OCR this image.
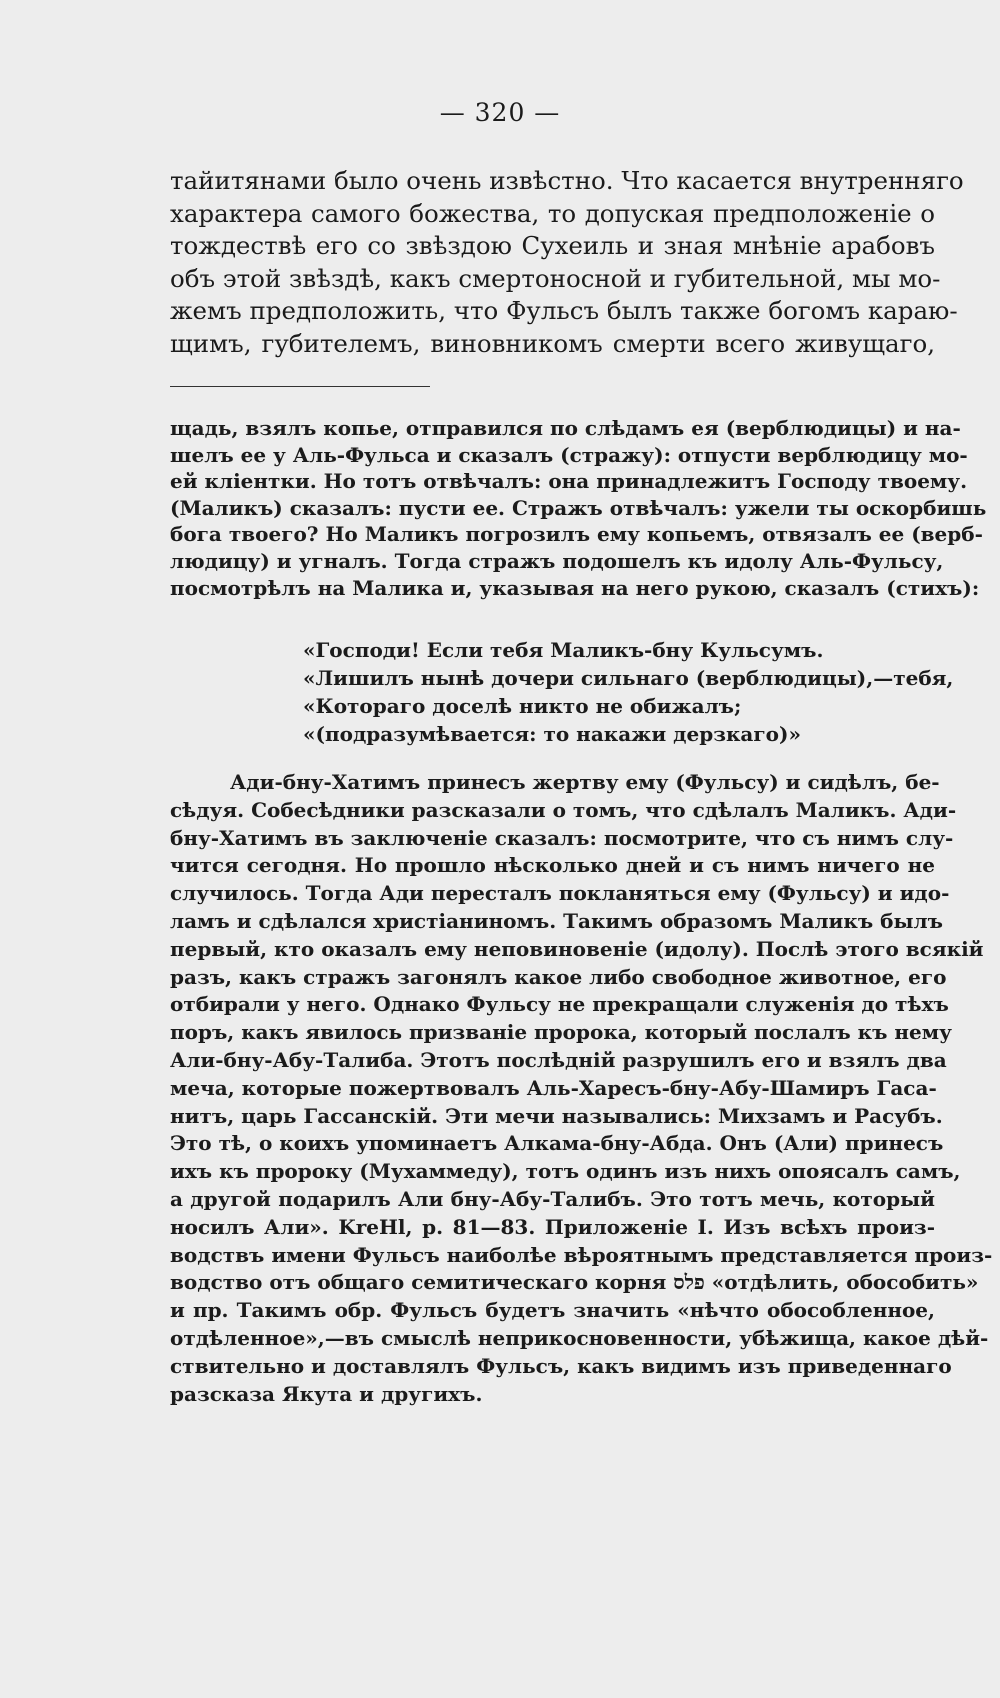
— 320 —

тайитянами было очень извѣстно. Что касается внутренняго
характера самого божества, то допуская предположенiе о
тождествѣ его со звѣздою Сухеиль и зная мнѣнiе арабовъ
объ этой звѣздѣ, какъ смертоносной и губительной, мы мо-
жемъ предположить, что Фульсъ былъ также богомъ караю-
щимъ, губителемъ, виновникомъ смерти всего живущаго,

щадь, взялъ копье, отправился по слѣдамъ ея (верблюдицы) и на-
шелъ ее у Аль-Фульса и сказалъ (стражу): отпусти верблюдицу мо-
ей клiентки. Но тотъ отвѣчалъ: она принадлежитъ Господу твоему.
(Маликъ) сказалъ: пусти ее. Стражъ отвѣчалъ: ужели ты оскорбишь
бога твоего? Но Маликъ погрозилъ ему копьемъ, отвязалъ ее (верб-
людицу) и угналъ. Тогда стражъ подошелъ къ идолу Аль-Фульсу,
посмотрѣлъ на Малика и, указывая на него рукою, сказалъ (стихъ):

«Господи! Если тебя Маликъ-бну Кульсумъ.
«Лишилъ нынѣ дочери сильнаго (верблюдицы),—тебя,
«Котораго доселѣ никто не обижалъ;
«(подразумѣвается: то накажи дерзкаго)»

Ади-бну-Хатимъ принесъ жертву ему (Фульсу) и сидѣлъ, бе-
сѣдуя. Собесѣдники разсказали о томъ, что сдѣлалъ Маликъ. Ади-
бну-Хатимъ въ заключенiе сказалъ: посмотрите, что съ нимъ слу-
чится сегодня. Но прошло нѣсколько дней и съ нимъ ничего не
случилось. Тогда Ади перестaлъ покланяться ему (Фульсу) и идо-
ламъ и сдѣлался христiаниномъ. Такимъ образомъ Маликъ былъ
первый, кто оказалъ ему неповиновенiе (идолу). Послѣ этого всякiй
разъ, какъ стражъ загонялъ какое либо свободное животное, его
отбирали у него. Однако Фульсу не прекращали служенiя до тѣхъ
поръ, какъ явилось призванiе пророка, который послалъ къ нему
Али-бну-Абу-Талиба. Этотъ послѣднiй разрушилъ его и взялъ два
меча, которые пожертвовалъ Аль-Харесъ-бну-Абу-Шамиръ Гаса-
нитъ, царь Гассанскiй. Эти мечи назывались: Михзамъ и Расубъ.
Это тѣ, о коихъ упоминаетъ Алкама-бну-Абда. Онъ (Али) принесъ
ихъ къ пророку (Мухаммеду), тотъ одинъ изъ нихъ опоясалъ самъ,
а другой подарилъ Али бну-Абу-Талибъ. Это тотъ мечь, который
носилъ Али». KreHl, p. 81—83. Приложенiе I. Изъ всѣхъ произ-
водствъ имени Фульсъ наиболѣе вѣроятнымъ представляется произ-
водство отъ общаго семитическаго корня פלס «отдѣлить, обособить»
и пр. Такимъ обр. Фульсъ будетъ значить «нѣчто обособленное,
отдѣленное»,—въ смыслѣ неприкосновенности, убѣжища, какое дѣй-
ствительно и доставлялъ Фульсъ, какъ видимъ изъ приведеннаго
разсказа Якута и другихъ.
